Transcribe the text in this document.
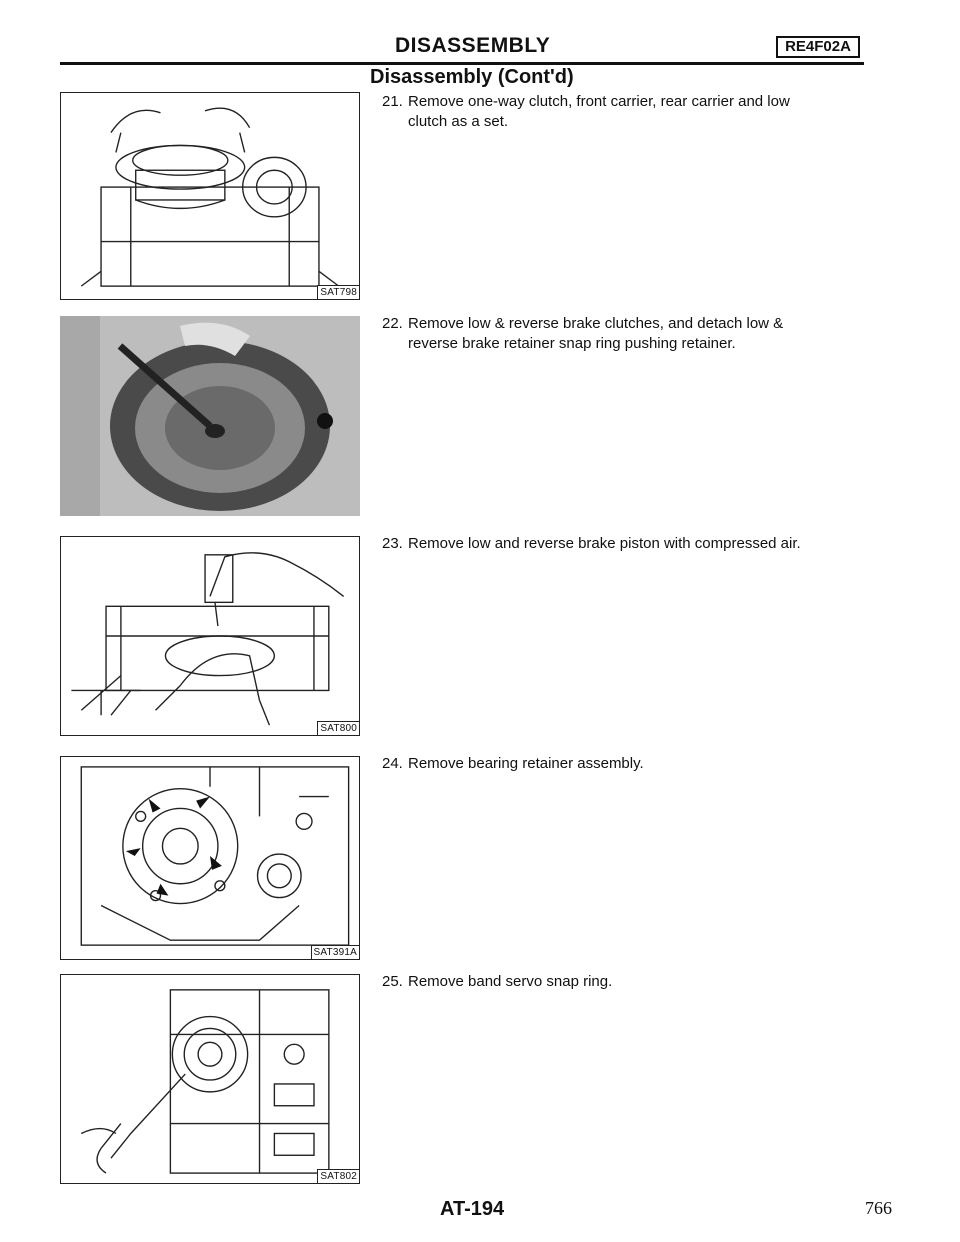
DISASSEMBLY	RE4F02A
Disassembly (Cont'd)
SAT798
SAT800
SAT391A
SAT802
21. Remove one-way clutch, front carrier, rear carrier and low
clutch as a set.
22. Remove low & reverse brake clutches, and detach low &
reverse brake retainer snap ring pushing retainer.
23. Remove low and reverse brake piston with compressed air.
24. Remove bearing retainer assembly.
25. Remove band servo snap ring.
AT-194	766
